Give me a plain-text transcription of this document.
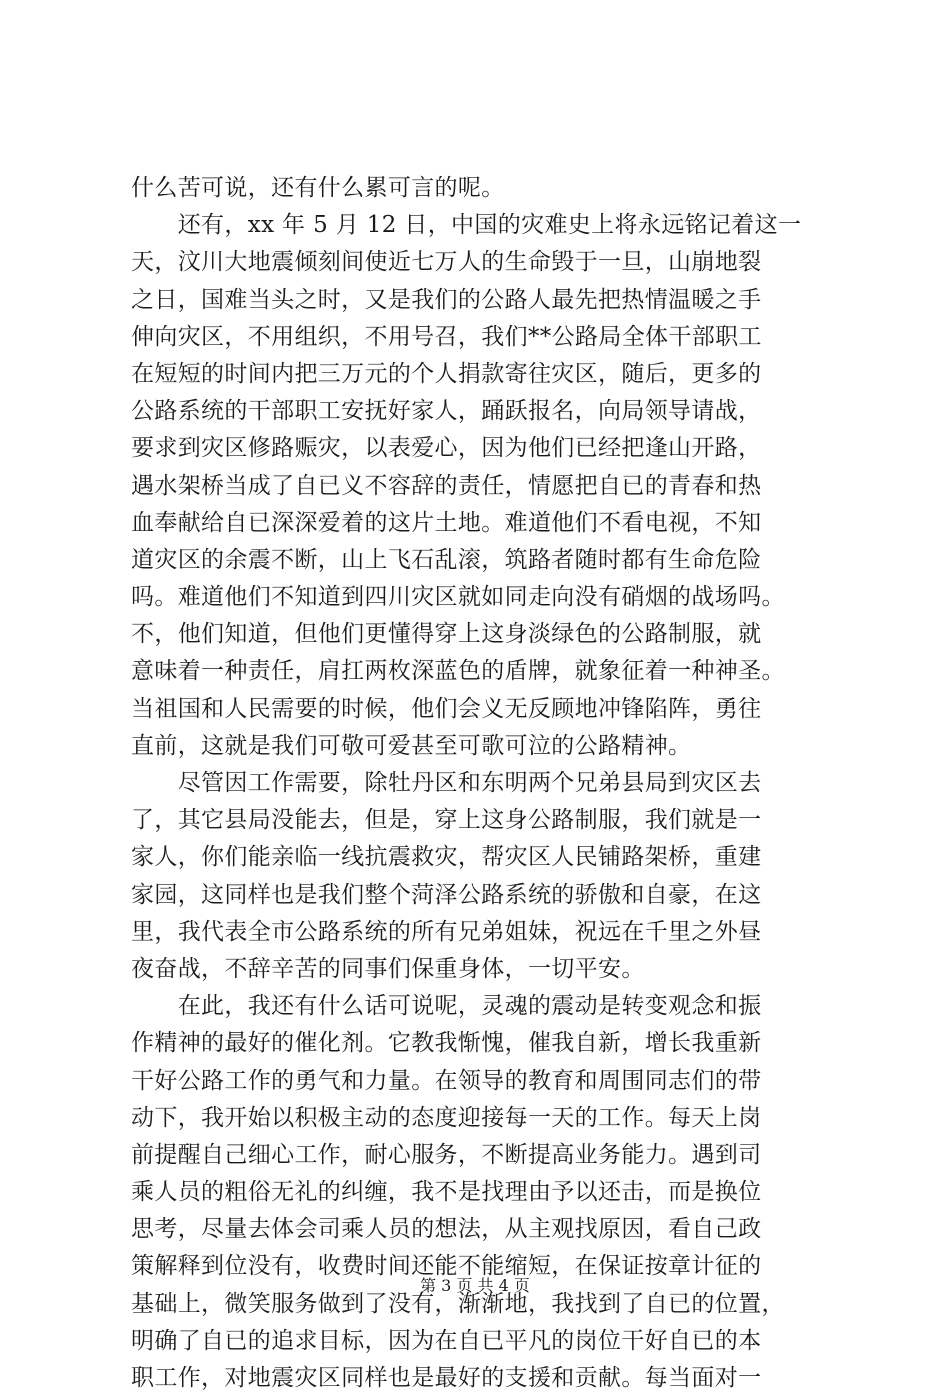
什么苦可说，还有什么累可言的呢。
　　还有，xx 年 5 月 12 日，中国的灾难史上将永远铭记着这一
天，汶川大地震倾刻间使近七万人的生命毁于一旦，山崩地裂
之日，国难当头之时，又是我们的公路人最先把热情温暖之手
伸向灾区，不用组织，不用号召，我们**公路局全体干部职工
在短短的时间内把三万元的个人捐款寄往灾区，随后，更多的
公路系统的干部职工安抚好家人，踊跃报名，向局领导请战，
要求到灾区修路赈灾，以表爱心，因为他们已经把逢山开路，
遇水架桥当成了自已义不容辞的责任，情愿把自已的青春和热
血奉献给自已深深爱着的这片土地。难道他们不看电视，不知
道灾区的余震不断，山上飞石乱滚，筑路者随时都有生命危险
吗。难道他们不知道到四川灾区就如同走向没有硝烟的战场吗。
不，他们知道，但他们更懂得穿上这身淡绿色的公路制服，就
意味着一种责任，肩扛两枚深蓝色的盾牌，就象征着一种神圣。
当祖国和人民需要的时候，他们会义无反顾地冲锋陷阵，勇往
直前，这就是我们可敬可爱甚至可歌可泣的公路精神。
　　尽管因工作需要，除牡丹区和东明两个兄弟县局到灾区去
了，其它县局没能去，但是，穿上这身公路制服，我们就是一
家人，你们能亲临一线抗震救灾，帮灾区人民铺路架桥，重建
家园，这同样也是我们整个菏泽公路系统的骄傲和自豪，在这
里，我代表全市公路系统的所有兄弟姐妹，祝远在千里之外昼
夜奋战，不辞辛苦的同事们保重身体，一切平安。
　　在此，我还有什么话可说呢，灵魂的震动是转变观念和振
作精神的最好的催化剂。它教我惭愧，催我自新，增长我重新
干好公路工作的勇气和力量。在领导的教育和周围同志们的带
动下，我开始以积极主动的态度迎接每一天的工作。每天上岗
前提醒自己细心工作，耐心服务，不断提高业务能力。遇到司
乘人员的粗俗无礼的纠缠，我不是找理由予以还击，而是换位
思考，尽量去体会司乘人员的想法，从主观找原因，看自己政
策解释到位没有，收费时间还能不能缩短，在保证按章计征的
基础上，微笑服务做到了没有，渐渐地，我找到了自已的位置，
明确了自已的追求目标，因为在自已平凡的岗位干好自已的本
职工作，对地震灾区同样也是最好的支援和贡献。每当面对一
第 3 页 共 4 页
